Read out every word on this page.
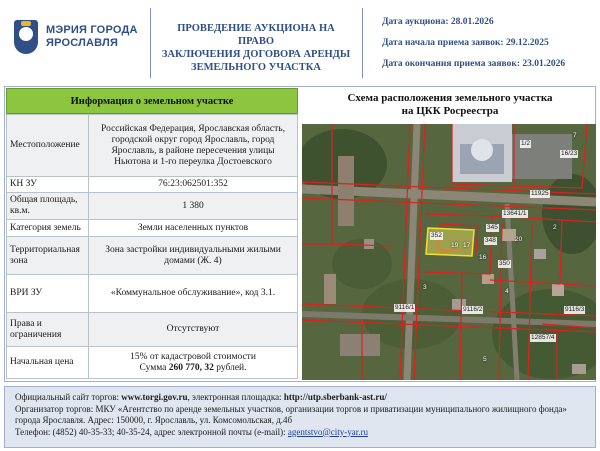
МЭРИЯ ГОРОДА
ЯРОСЛАВЛЯ
ПРОВЕДЕНИЕ АУКЦИОНА НА ПРАВО
ЗАКЛЮЧЕНИЯ ДОГОВОРА АРЕНДЫ
ЗЕМЕЛЬНОГО УЧАСТКА
Дата аукциона: 28.01.2026
Дата начала приема заявок: 29.12.2025
Дата окончания приема заявок: 23.01.2026
Информация о земельном участке
Местоположение	Российская Федерация, Ярославская область, городской округ город Ярославль, город Ярославль, в районе пересечения улицы Ньютона и 1-го переулка Достоевского
КН ЗУ	76:23:062501:352
Общая площадь, кв.м.	1 380
Категория земель	Земли населенных пунктов
Территориальная зона	Зона застройки индивидуальными жилыми домами (Ж. 4)
ВРИ ЗУ	«Коммунальное обслуживание», код 3.1.
Права и ограничения	Отсутствуют
Начальная цена	15% от кадастровой стоимости
Сумма 260 770, 32 рублей.
Схема расположения земельного участка
на ЦКК Росреестра
1/2
7
16/23
11925
13641/1
345
352
348
17
19
20
16
350
4
9116/1	9116/2	9116/3
12857/4
2
3
5
Официальный сайт торгов: www.torgi.gov.ru, электронная площадка: http://utp.sberbank-ast.ru/
Организатор торгов: МКУ «Агентство по аренде земельных участков, организации торгов и приватизации муниципального жилищного фонда» города Ярославля. Адрес: 150000, г. Ярославль, ул. Комсомольская, д.4б
Телефон: (4852) 40-35-33; 40-35-24, адрес электронной почты (e-mail): agentstvo@city-yar.ru
